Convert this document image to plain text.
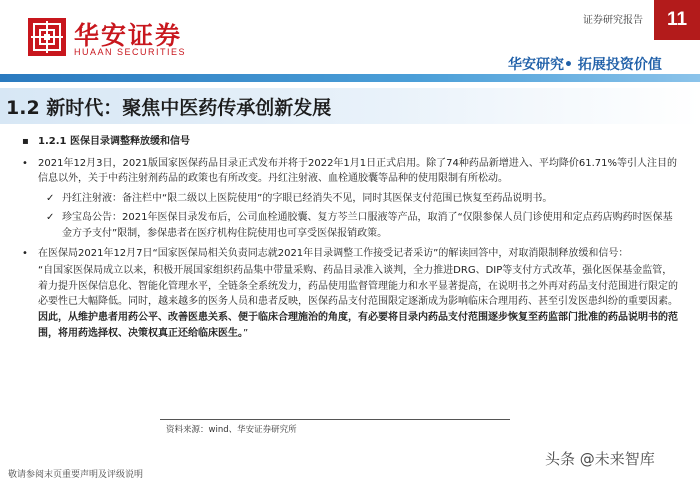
华安证券
HUAAN SECURITIES
证券研究报告	11
华安研究• 拓展投资价值
1.2 新时代：聚焦中医药传承创新发展
▪ 1.2.1 医保目录调整释放缓和信号
• 2021年12月3日，2021版国家医保药品目录正式发布并将于2022年1月1日正式启用。除了74种药品新增进入、平均降价61.71%等引人注目的信息以外，关于中药注射剂药品的政策也有所改变。丹红注射液、血栓通胶囊等品种的使用限制有所松动。
✓ 丹红注射液：备注栏中“限二级以上医院使用”的字眼已经消失不见，同时其医保支付范围已恢复至药品说明书。
✓ 珍宝岛公告：2021年医保目录发布后，公司血栓通胶囊、复方芩兰口服液等产品，取消了“仅限参保人员门诊使用和定点药店购药时医保基金方予支付”限制，参保患者在医疗机构住院使用也可享受医保报销政策。
• 在医保局2021年12月7日“国家医保局相关负责同志就2021年目录调整工作接受记者采访”的解读回答中，对取消限制释放缓和信号：
“自国家医保局成立以来，积极开展国家组织药品集中带量采购、药品目录准入谈判，全力推进DRG、DIP等支付方式改革，强化医保基金监管，着力提升医保信息化、智能化管理水平，全链条全系统发力，药品使用监督管理能力和水平显著提高，在说明书之外再对药品支付范围进行限定的必要性已大幅降低。同时，越来越多的医务人员和患者反映，医保药品支付范围限定逐渐成为影响临床合理用药、甚至引发医患纠纷的重要因素。因此，从维护患者用药公平、改善医患关系、便于临床合理施治的角度，有必要将目录内药品支付范围逐步恢复至药监部门批准的药品说明书的范围，将用药选择权、决策权真正还给临床医生。”
资料来源：wind、华安证券研究所
敬请参阅末页重要声明及评级说明
头条 @未来智库
